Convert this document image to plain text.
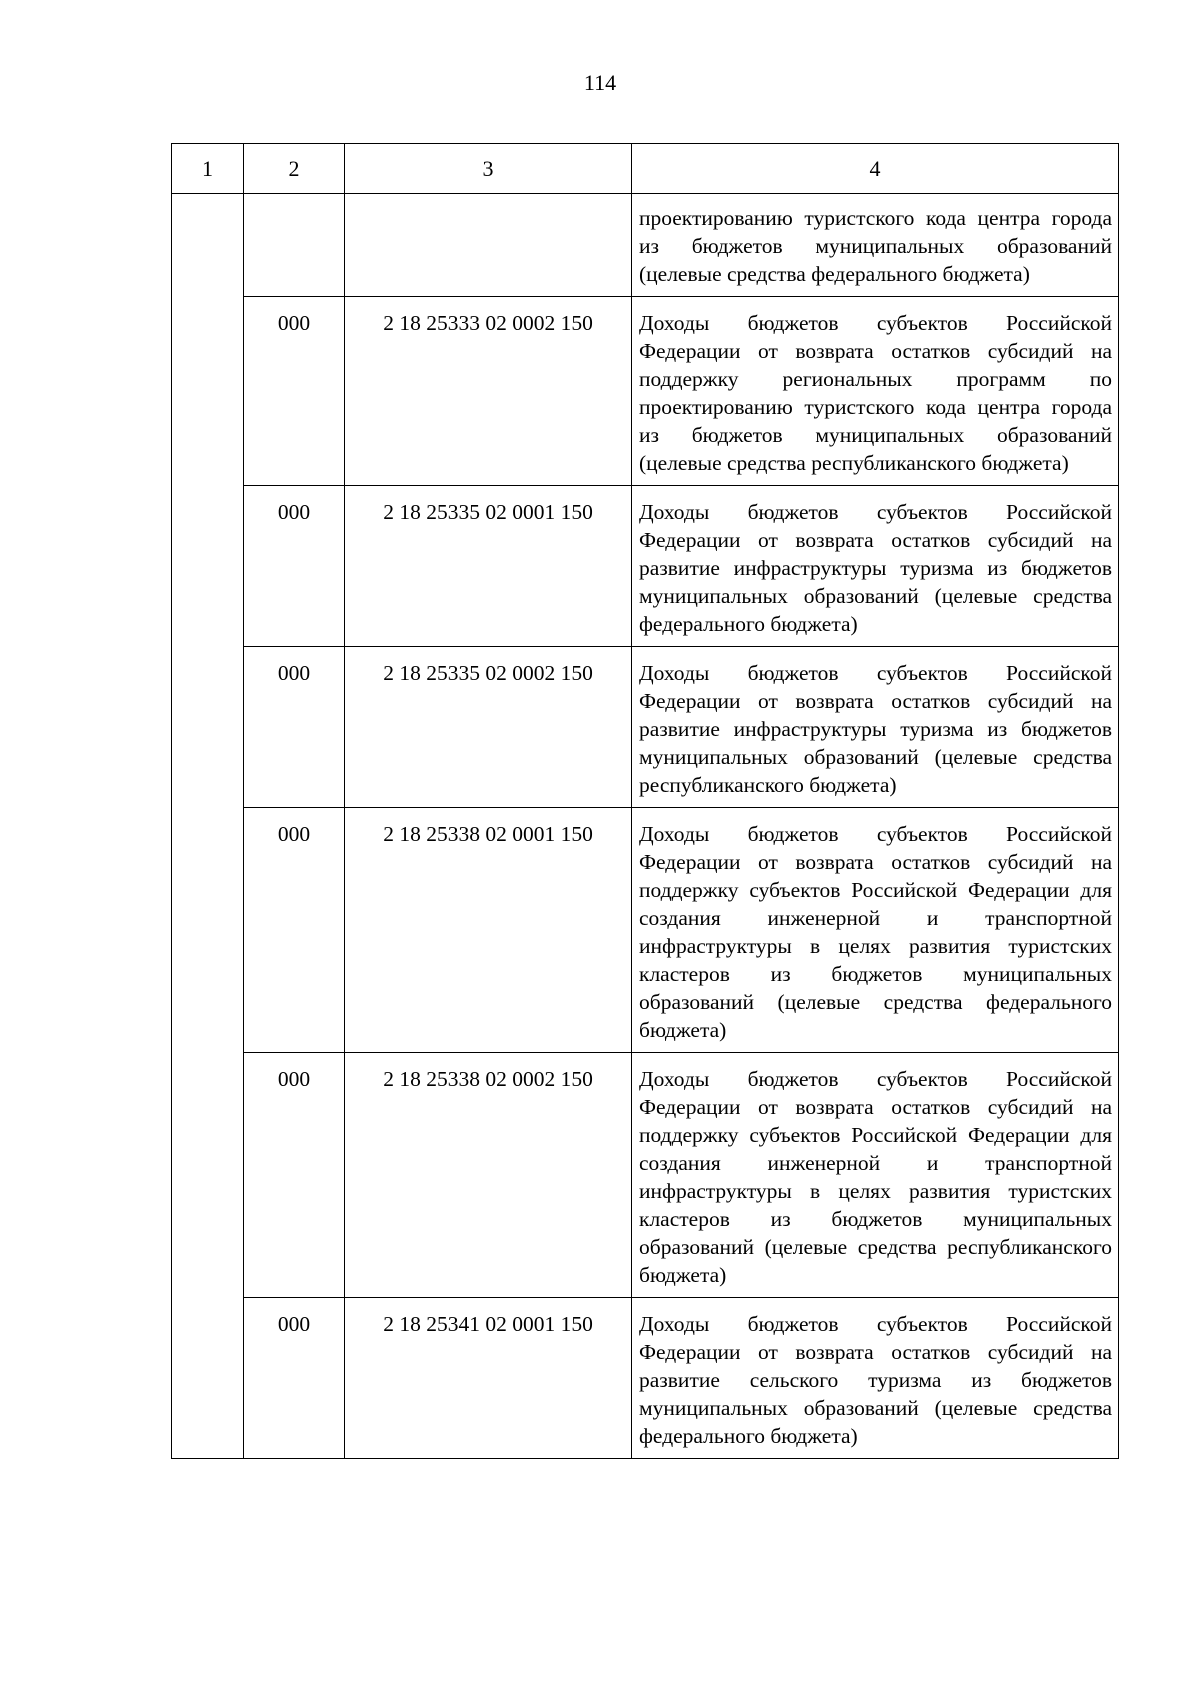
114
1	2	3	4
			проектированию туристского кода центра города из бюджетов муниципальных образований (целевые средства федерального бюджета)
	000	2 18 25333 02 0002 150	Доходы бюджетов субъектов Российской Федерации от возврата остатков субсидий на поддержку региональных программ по проектированию туристского кода центра города из бюджетов муниципальных образований (целевые средства республиканского бюджета)
	000	2 18 25335 02 0001 150	Доходы бюджетов субъектов Российской Федерации от возврата остатков субсидий на развитие инфраструктуры туризма из бюджетов муниципальных образований (целевые средства федерального бюджета)
	000	2 18 25335 02 0002 150	Доходы бюджетов субъектов Российской Федерации от возврата остатков субсидий на развитие инфраструктуры туризма из бюджетов муниципальных образований (целевые средства республиканского бюджета)
	000	2 18 25338 02 0001 150	Доходы бюджетов субъектов Российской Федерации от возврата остатков субсидий на поддержку субъектов Российской Федерации для создания инженерной и транспортной инфраструктуры в целях развития туристских кластеров из бюджетов муниципальных образований (целевые средства федерального бюджета)
	000	2 18 25338 02 0002 150	Доходы бюджетов субъектов Российской Федерации от возврата остатков субсидий на поддержку субъектов Российской Федерации для создания инженерной и транспортной инфраструктуры в целях развития туристских кластеров из бюджетов муниципальных образований (целевые средства республиканского бюджета)
	000	2 18 25341 02 0001 150	Доходы бюджетов субъектов Российской Федерации от возврата остатков субсидий на развитие сельского туризма из бюджетов муниципальных образований (целевые средства федерального бюджета)
